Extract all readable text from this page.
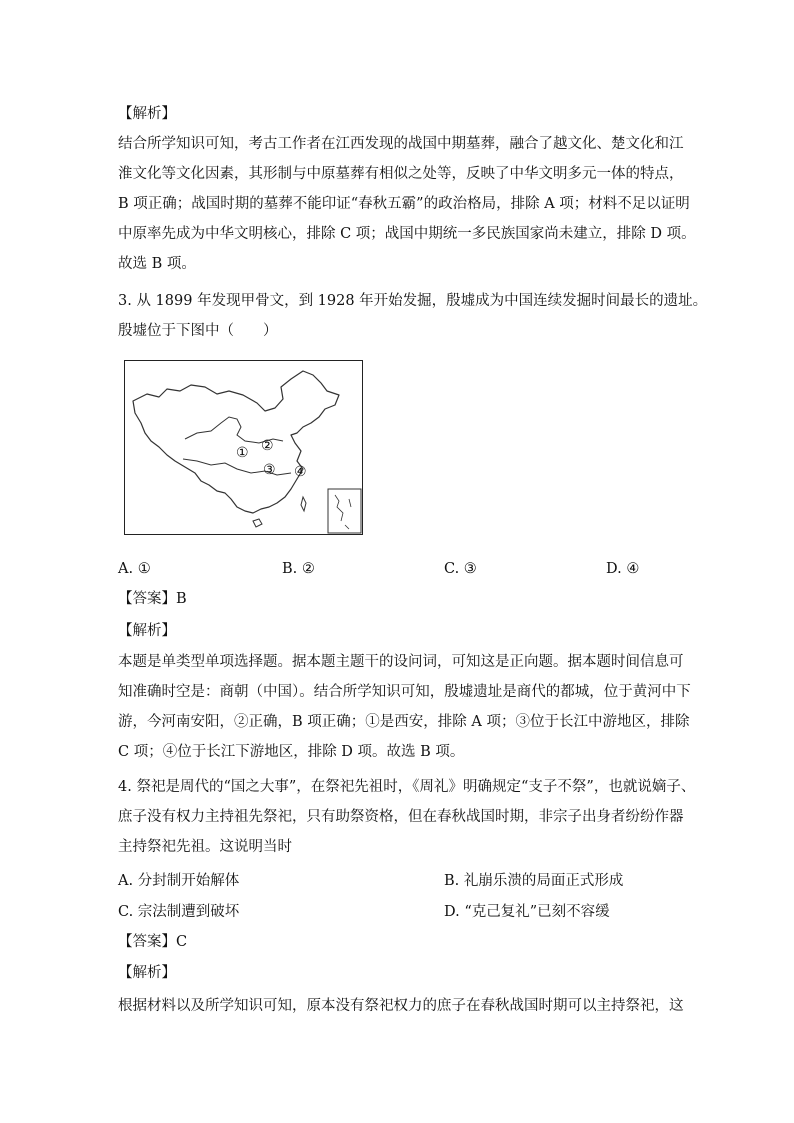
【解析】
结合所学知识可知，考古工作者在江西发现的战国中期墓葬，融合了越文化、楚文化和江
淮文化等文化因素，其形制与中原墓葬有相似之处等，反映了中华文明多元一体的特点，
B 项正确；战国时期的墓葬不能印证“春秋五霸”的政治格局，排除 A 项；材料不足以证明
中原率先成为中华文明核心，排除 C 项；战国中期统一多民族国家尚未建立，排除 D 项。
故选 B 项。
3. 从 1899 年发现甲骨文，到 1928 年开始发掘，殷墟成为中国连续发掘时间最长的遗址。
殷墟位于下图中（　　）
① ②
③ ④
A. ①	B. ②	C. ③	D. ④
【答案】B
【解析】
本题是单类型单项选择题。据本题主题干的设问词，可知这是正向题。据本题时间信息可
知准确时空是：商朝（中国）。结合所学知识可知，殷墟遗址是商代的都城，位于黄河中下
游，今河南安阳，②正确，B 项正确；①是西安，排除 A 项；③位于长江中游地区，排除
C 项；④位于长江下游地区，排除 D 项。故选 B 项。
4. 祭祀是周代的“国之大事”，在祭祀先祖时，《周礼》明确规定“支子不祭”，也就说嫡子、
庶子没有权力主持祖先祭祀，只有助祭资格，但在春秋战国时期，非宗子出身者纷纷作器
主持祭祀先祖。这说明当时
A. 分封制开始解体	B. 礼崩乐溃的局面正式形成
C. 宗法制遭到破坏	D. “克己复礼”已刻不容缓
【答案】C
【解析】
根据材料以及所学知识可知，原本没有祭祀权力的庶子在春秋战国时期可以主持祭祀，这
